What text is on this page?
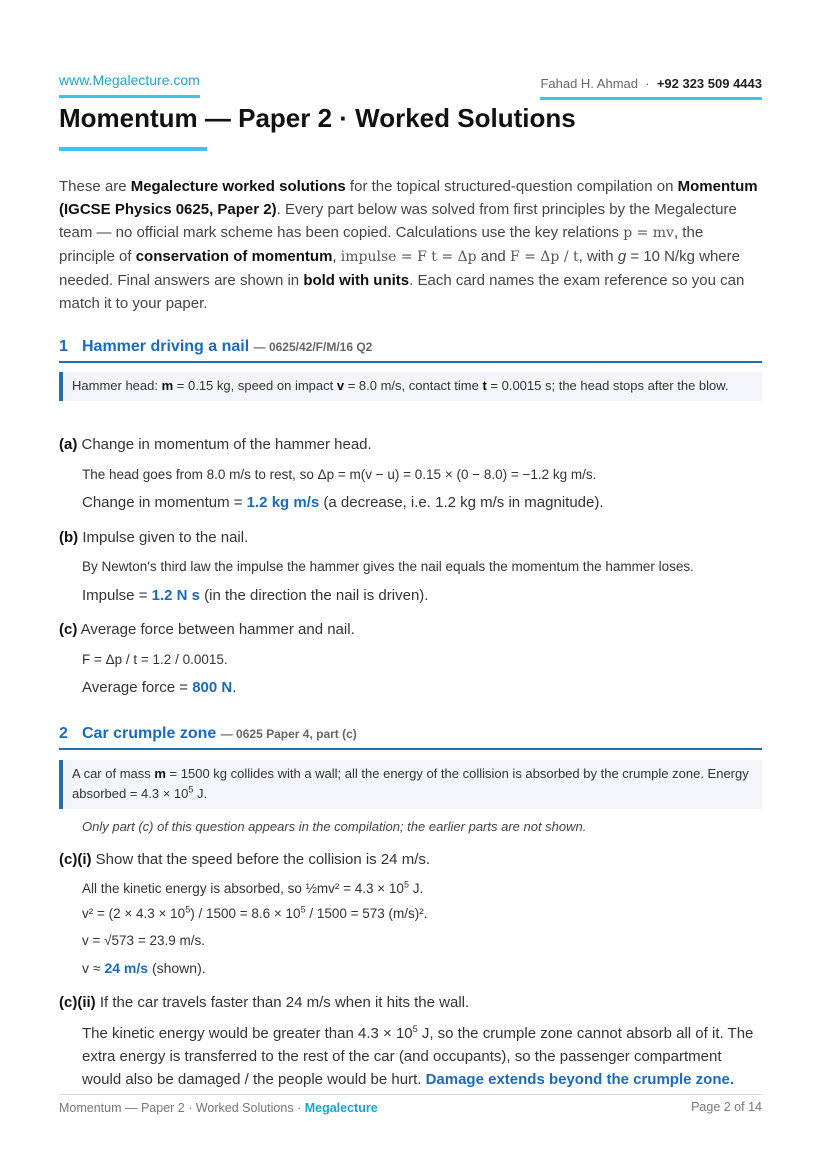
www.Megalecture.com	Fahad H. Ahmad · +92 323 509 4443
Momentum — Paper 2 · Worked Solutions
These are Megalecture worked solutions for the topical structured-question compilation on Momentum (IGCSE Physics 0625, Paper 2). Every part below was solved from first principles by the Megalecture team — no official mark scheme has been copied. Calculations use the key relations p = mv, the principle of conservation of momentum, impulse = F t = Δp and F = Δp / t, with g = 10 N/kg where needed. Final answers are shown in bold with units. Each card names the exam reference so you can match it to your paper.
1 Hammer driving a nail — 0625/42/F/M/16 Q2
Hammer head: m = 0.15 kg, speed on impact v = 8.0 m/s, contact time t = 0.0015 s; the head stops after the blow.
(a) Change in momentum of the hammer head.
The head goes from 8.0 m/s to rest, so Δp = m(v − u) = 0.15 × (0 − 8.0) = −1.2 kg m/s.
Change in momentum = 1.2 kg m/s (a decrease, i.e. 1.2 kg m/s in magnitude).
(b) Impulse given to the nail.
By Newton's third law the impulse the hammer gives the nail equals the momentum the hammer loses.
Impulse = 1.2 N s (in the direction the nail is driven).
(c) Average force between hammer and nail.
F = Δp / t = 1.2 / 0.0015.
Average force = 800 N.
2 Car crumple zone — 0625 Paper 4, part (c)
A car of mass m = 1500 kg collides with a wall; all the energy of the collision is absorbed by the crumple zone. Energy absorbed = $4.3 \times 10^5$ J.
Only part (c) of this question appears in the compilation; the earlier parts are not shown.
(c)(i) Show that the speed before the collision is 24 m/s.
All the kinetic energy is absorbed, so ½mv² = $4.3 \times 10^5$ J.
$v^2 = (2 \times 4.3 \times 10^5) / 1500 = 8.6 \times 10^5 / 1500 = 573$ (m/s)².
v = √573 = 23.9 m/s.
v ≈ 24 m/s (shown).
(c)(ii) If the car travels faster than 24 m/s when it hits the wall.
The kinetic energy would be greater than $4.3 \times 10^5$ J, so the crumple zone cannot absorb all of it. The extra energy is transferred to the rest of the car (and occupants), so the passenger compartment would also be damaged / the people would be hurt. Damage extends beyond the crumple zone.
Momentum — Paper 2 · Worked Solutions · Megalecture	Page 2 of 14
